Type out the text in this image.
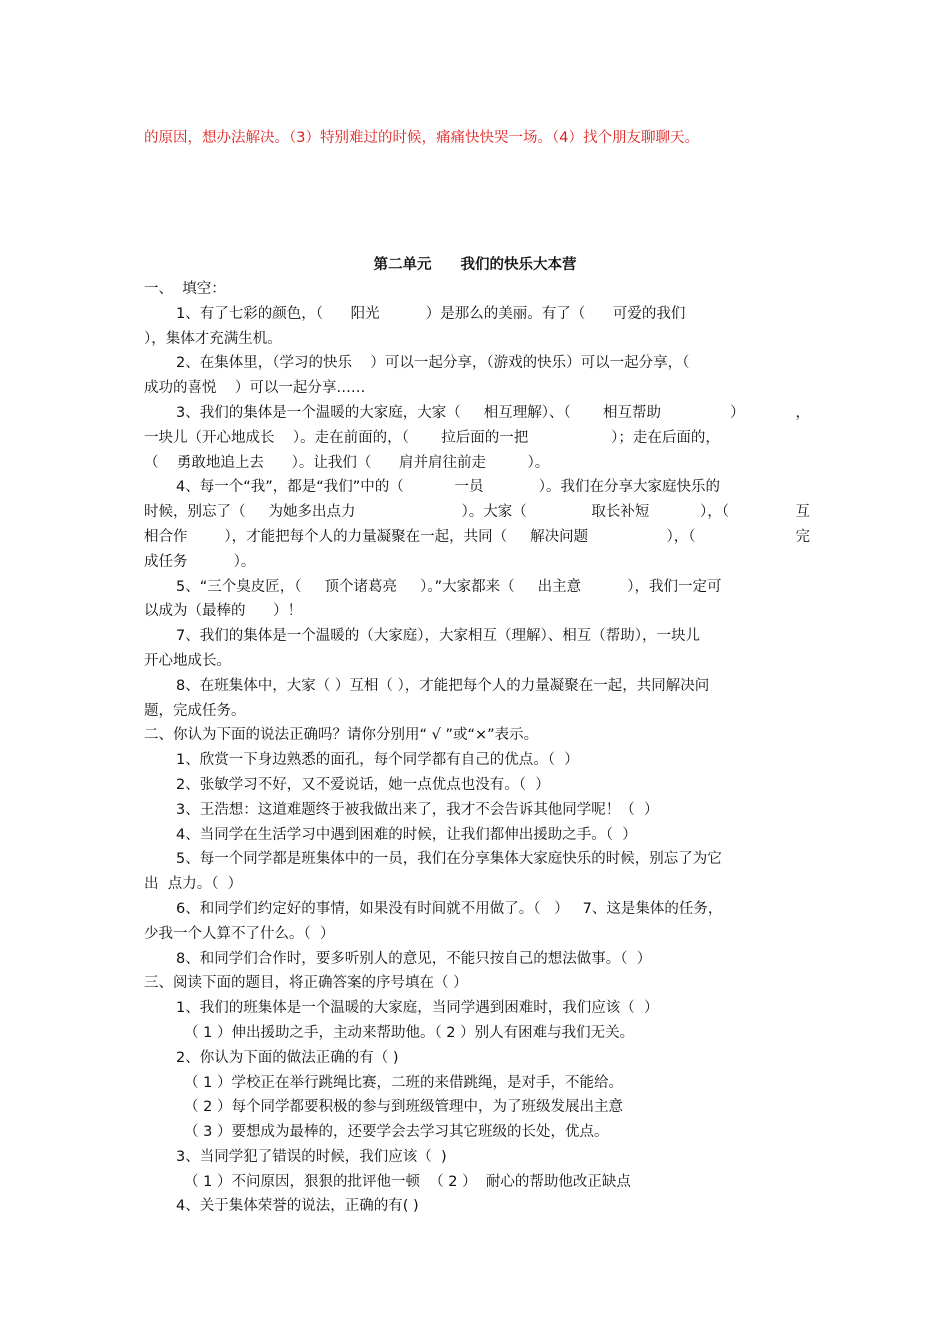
的原因，想办法解决。（3）特别难过的时候，痛痛快快哭一场。（4）找个朋友聊聊天。
第二单元　　我们的快乐大本营
一、  填空：
1、有了七彩的颜色，（      阳光          ）是那么的美丽。有了（      可爱的我们
），集体才充满生机。
2、在集体里，（学习的快乐    ）可以一起分享，（游戏的快乐）可以一起分享，（
成功的喜悦    ）可以一起分享……
3、我们的集体是一个温暖的大家庭，大家（     相互理解）、（       相互帮助               ）	，
一块儿（开心地成长    ）。走在前面的，（       拉后面的一把                  ）；走在后面的，
（    勇敢地追上去      ）。让我们（      肩并肩往前走         ）。
4、每一个“我”，都是“我们”中的（           一员            ）。我们在分享大家庭快乐的
时候，别忘了（     为她多出点力                       ）。大家（              取长补短           ），（	互
相合作        ），才能把每个人的力量凝聚在一起，共同（     解决问题                 ），（	完
成任务          ）。
5、“三个臭皮匠，（     顶个诸葛亮     ）。”大家都来（     出主意          ），我们一定可
以成为（最棒的      ）！
7、我们的集体是一个温暖的（大家庭），大家相互（理解）、相互（帮助），一块儿
开心地成长。
8、在班集体中，大家（ ）互相（ ），才能把每个人的力量凝聚在一起，共同解决问
题，完成任务。
二、你认为下面的说法正确吗？请你分别用“ √ ”或“×”表示。
1、欣赏一下身边熟悉的面孔，每个同学都有自己的优点。（  ）
2、张敏学习不好，又不爱说话，她一点优点也没有。（  ）
3、王浩想：这道难题终于被我做出来了，我才不会告诉其他同学呢！（  ）
4、当同学在生活学习中遇到困难的时候，让我们都伸出援助之手。（  ）
5、每一个同学都是班集体中的一员，我们在分享集体大家庭快乐的时候，别忘了为它
出  点力。（  ）
6、和同学们约定好的事情，如果没有时间就不用做了。（   ）   7、这是集体的任务，
少我一个人算不了什么。（  ）
8、和同学们合作时，要多听别人的意见，不能只按自己的想法做事。（  ）
三、阅读下面的题目，将正确答案的序号填在（ ）
1、我们的班集体是一个温暖的大家庭，当同学遇到困难时，我们应该（  ）
（ 1 ）伸出援助之手，主动来帮助他。（ 2 ）别人有困难与我们无关。
2、你认为下面的做法正确的有（ )
（ 1 ）学校正在举行跳绳比赛，二班的来借跳绳，是对手，不能给。
（ 2 ）每个同学都要积极的参与到班级管理中，为了班级发展出主意
（ 3 ）要想成为最棒的，还要学会去学习其它班级的长处，优点。
3、当同学犯了错误的时候，我们应该（  )
（ 1 ）不问原因，狠狠的批评他一顿  （ 2 ）  耐心的帮助他改正缺点
4、关于集体荣誉的说法，正确的有( )
